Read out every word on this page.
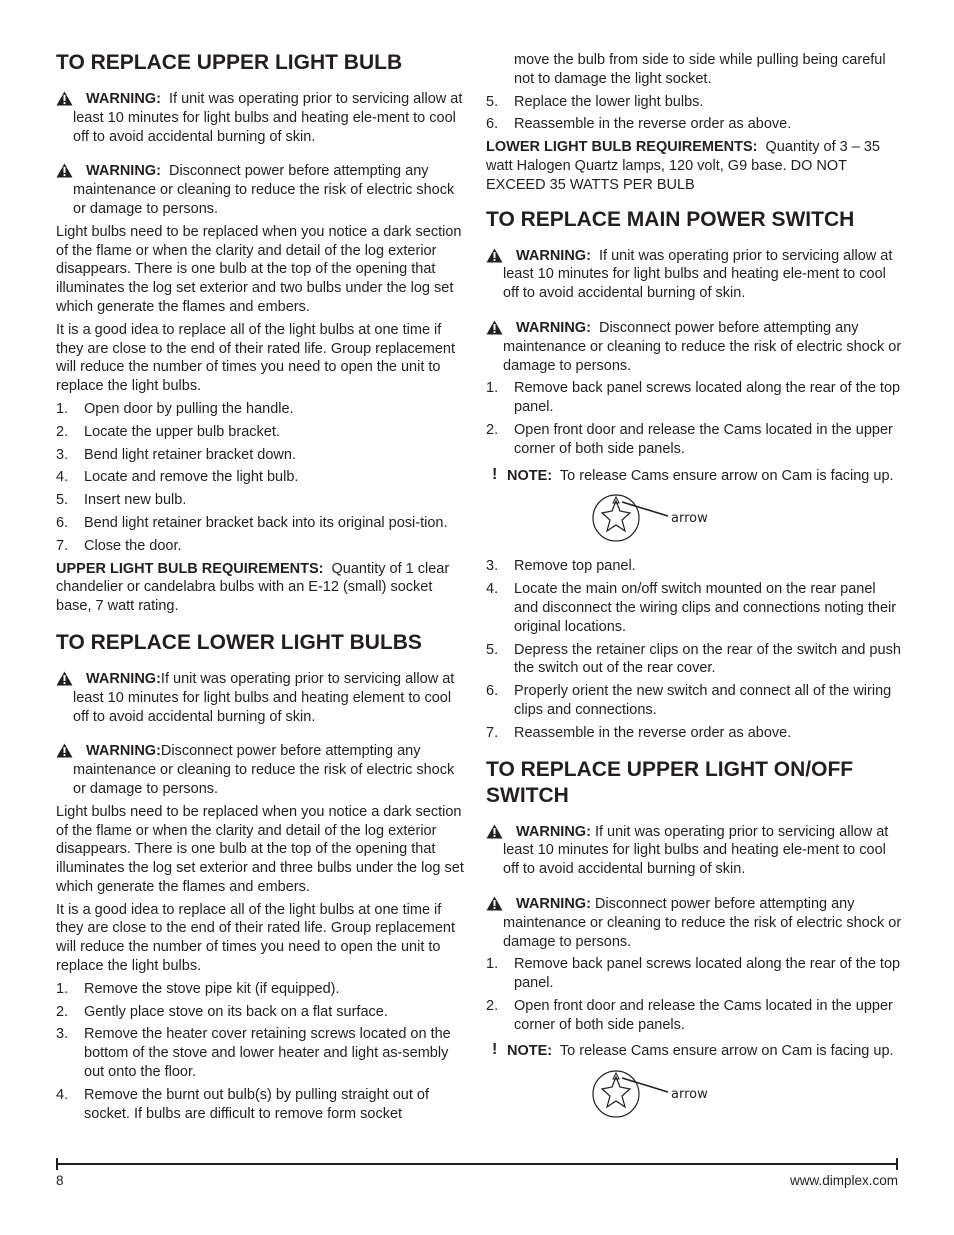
TO REPLACE UPPER LIGHT BULB
WARNING: If unit was operating prior to servicing allow at least 10 minutes for light bulbs and heating ele-ment to cool off to avoid accidental burning of skin.
WARNING: Disconnect power before attempting any maintenance or cleaning to reduce the risk of electric shock or damage to persons.

Light bulbs need to be replaced when you notice a dark section of the flame or when the clarity and detail of the log exterior disappears. There is one bulb at the top of the opening that illuminates the log set exterior and two bulbs under the log set which generate the flames and embers.

It is a good idea to replace all of the light bulbs at one time if they are close to the end of their rated life. Group replacement will reduce the number of times you need to open the unit to replace the light bulbs.

1. Open door by pulling the handle.
2. Locate the upper bulb bracket.
3. Bend light retainer bracket down.
4. Locate and remove the light bulb.
5. Insert new bulb.
6. Bend light retainer bracket back into its original posi-tion.
7. Close the door.

UPPER LIGHT BULB REQUIREMENTS: Quantity of 1 clear chandelier or candelabra bulbs with an E-12 (small) socket base, 7 watt rating.

TO REPLACE LOWER LIGHT BULBS
WARNING:If unit was operating prior to servicing allow at least 10 minutes for light bulbs and heating element to cool off to avoid accidental burning of skin.
WARNING:Disconnect power before attempting any maintenance or cleaning to reduce the risk of electric shock or damage to persons.

Light bulbs need to be replaced when you notice a dark section of the flame or when the clarity and detail of the log exterior disappears. There is one bulb at the top of the opening that illuminates the log set exterior and three bulbs under the log set which generate the flames and embers.

It is a good idea to replace all of the light bulbs at one time if they are close to the end of their rated life. Group replacement will reduce the number of times you need to open the unit to replace the light bulbs.

1. Remove the stove pipe kit (if equipped).
2. Gently place stove on its back on a flat surface.
3. Remove the heater cover retaining screws located on the bottom of the stove and lower heater and light as-sembly out onto the floor.
4. Remove the burnt out bulb(s) by pulling straight out of socket. If bulbs are difficult to remove form socket

move the bulb from side to side while pulling being careful not to damage the light socket.

5. Replace the lower light bulbs.
6. Reassemble in the reverse order as above.

LOWER LIGHT BULB REQUIREMENTS: Quantity of 3 – 35 watt Halogen Quartz lamps, 120 volt, G9 base. DO NOT EXCEED 35 WATTS PER BULB

TO REPLACE MAIN POWER SWITCH
WARNING: If unit was operating prior to servicing allow at least 10 minutes for light bulbs and heating ele-ment to cool off to avoid accidental burning of skin.
WARNING: Disconnect power before attempting any maintenance or cleaning to reduce the risk of electric shock or damage to persons.
1. Remove back panel screws located along the rear of the top panel.
2. Open front door and release the Cams located in the upper corner of both side panels.
! NOTE: To release Cams ensure arrow on Cam is facing up.
arrow
3. Remove top panel.
4. Locate the main on/off switch mounted on the rear panel and disconnect the wiring clips and connections noting their original locations.
5. Depress the retainer clips on the rear of the switch and push the switch out of the rear cover.
6. Properly orient the new switch and connect all of the wiring clips and connections.
7. Reassemble in the reverse order as above.
TO REPLACE UPPER LIGHT ON/OFF SWITCH
WARNING: If unit was operating prior to servicing allow at least 10 minutes for light bulbs and heating ele-ment to cool off to avoid accidental burning of skin.
WARNING: Disconnect power before attempting any maintenance or cleaning to reduce the risk of electric shock or damage to persons.
1. Remove back panel screws located along the rear of the top panel.
2. Open front door and release the Cams located in the upper corner of both side panels.
! NOTE: To release Cams ensure arrow on Cam is facing up.
arrow
8	www.dimplex.com
